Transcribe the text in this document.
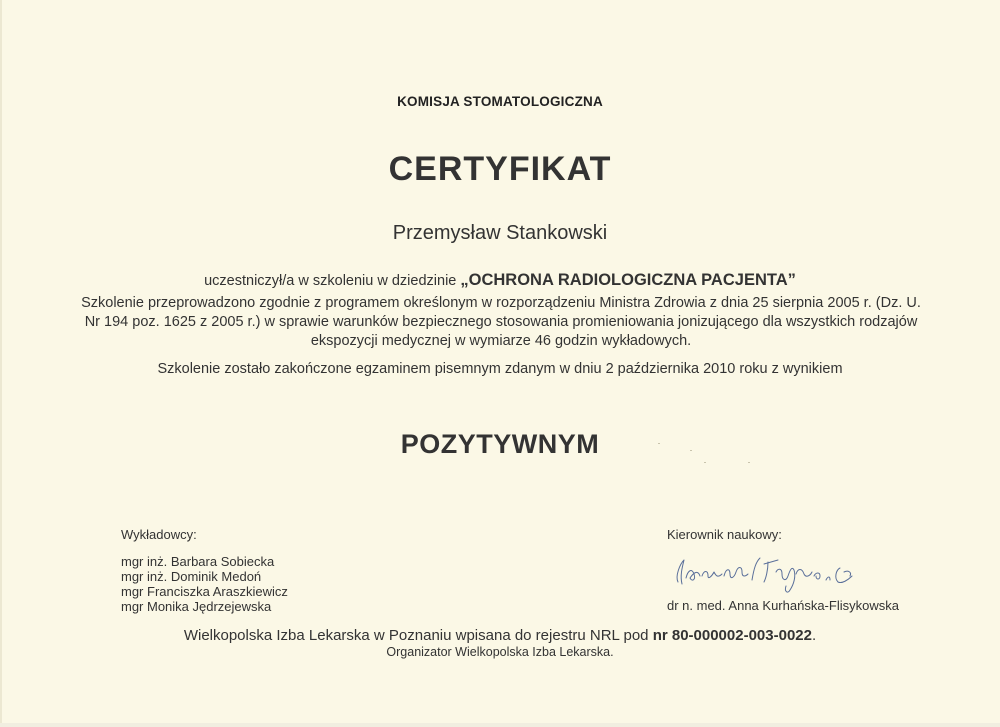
KOMISJA STOMATOLOGICZNA
CERTYFIKAT
Przemysław Stankowski
uczestniczył/a w szkoleniu w dziedzinie „OCHRONA RADIOLOGICZNA PACJENTA”
Szkolenie przeprowadzono zgodnie z programem określonym w rozporządzeniu Ministra Zdrowia z dnia 25 sierpnia 2005 r. (Dz. U. Nr 194 poz. 1625 z 2005 r.) w sprawie warunków bezpiecznego stosowania promieniowania jonizującego dla wszystkich rodzajów ekspozycji medycznej w wymiarze 46 godzin wykładowych.
Szkolenie zostało zakończone egzaminem pisemnym zdanym w dniu 2 października 2010 roku z wynikiem
POZYTYWNYM
Wykładowcy:
mgr inż. Barbara Sobiecka
mgr inż. Dominik Medoń
mgr Franciszka Araszkiewicz
mgr Monika Jędrzejewska
Kierownik naukowy:
dr n. med. Anna Kurhańska-Flisykowska
Wielkopolska Izba Lekarska w Poznaniu wpisana do rejestru NRL pod nr 80-000002-003-0022.
Organizator Wielkopolska Izba Lekarska.
